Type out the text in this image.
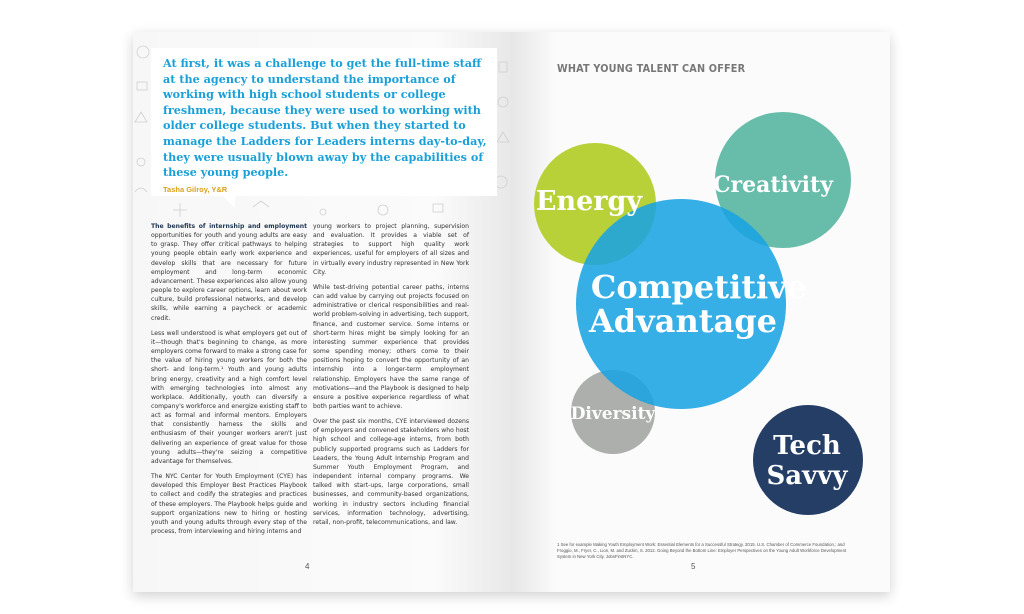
At first, it was a challenge to get the full-time staff at the agency to understand the importance of working with high school students or college freshmen, because they were used to working with older college students. But when they started to manage the Ladders for Leaders interns day-to-day, they were usually blown away by the capabilities of these young people.
Tasha Gilroy, Y&R

The benefits of internship and employment opportunities for youth and young adults are easy to grasp. They offer critical pathways to helping young people obtain early work experience and develop skills that are necessary for future employment and long-term economic advancement. These experiences also allow young people to explore career options, learn about work culture, build professional networks, and develop skills, while earning a paycheck or academic credit.

Less well understood is what employers get out of it—though that's beginning to change, as more employers come forward to make a strong case for the value of hiring young workers for both the short- and long-term.¹ Youth and young adults bring energy, creativity and a high comfort level with emerging technologies into almost any workplace. Additionally, youth can diversify a company's workforce and energize existing staff to act as formal and informal mentors. Employers that consistently harness the skills and enthusiasm of their younger workers aren't just delivering an experience of great value for those young adults—they're seizing a competitive advantage for themselves.

The NYC Center for Youth Employment (CYE) has developed this Employer Best Practices Playbook to collect and codify the strategies and practices of these employers. The Playbook helps guide and support organizations new to hiring or hosting youth and young adults through every step of the process, from interviewing and hiring interns and

young workers to project planning, supervision and evaluation. It provides a viable set of strategies to support high quality work experiences, useful for employers of all sizes and in virtually every industry represented in New York City.

While test-driving potential career paths, interns can add value by carrying out projects focused on administrative or clerical responsibilities and real-world problem-solving in advertising, tech support, finance, and customer service. Some interns or short-term hires might be simply looking for an interesting summer experience that provides some spending money; others come to their positions hoping to convert the opportunity of an internship into a longer-term employment relationship. Employers have the same range of motivations—and the Playbook is designed to help ensure a positive experience regardless of what both parties want to achieve.

Over the past six months, CYE interviewed dozens of employers and convened stakeholders who host high school and college-age interns, from both publicly supported programs such as Ladders for Leaders, the Young Adult Internship Program and Summer Youth Employment Program, and independent internal company programs. We talked with start-ups, large corporations, small businesses, and community-based organizations, working in industry sectors including financial services, information technology, advertising, retail, non-profit, telecommunications, and law.

4
WHAT YOUNG TALENT CAN OFFER
Energy
Creativity
Competitive
Advantage
Diversity
Tech
Savvy
1 See for example Making Youth Employment Work: Essential Elements for a Successful Strategy. 2015. U.S. Chamber of Commerce Foundation.; and Froggio, M., Fryer, C., Lion, M. and Zuckin, S. 2012. Going Beyond the Bottom Line: Employer Perspectives on the Young Adult Workforce Development System in New York City. JobsFirstNYC.
5
